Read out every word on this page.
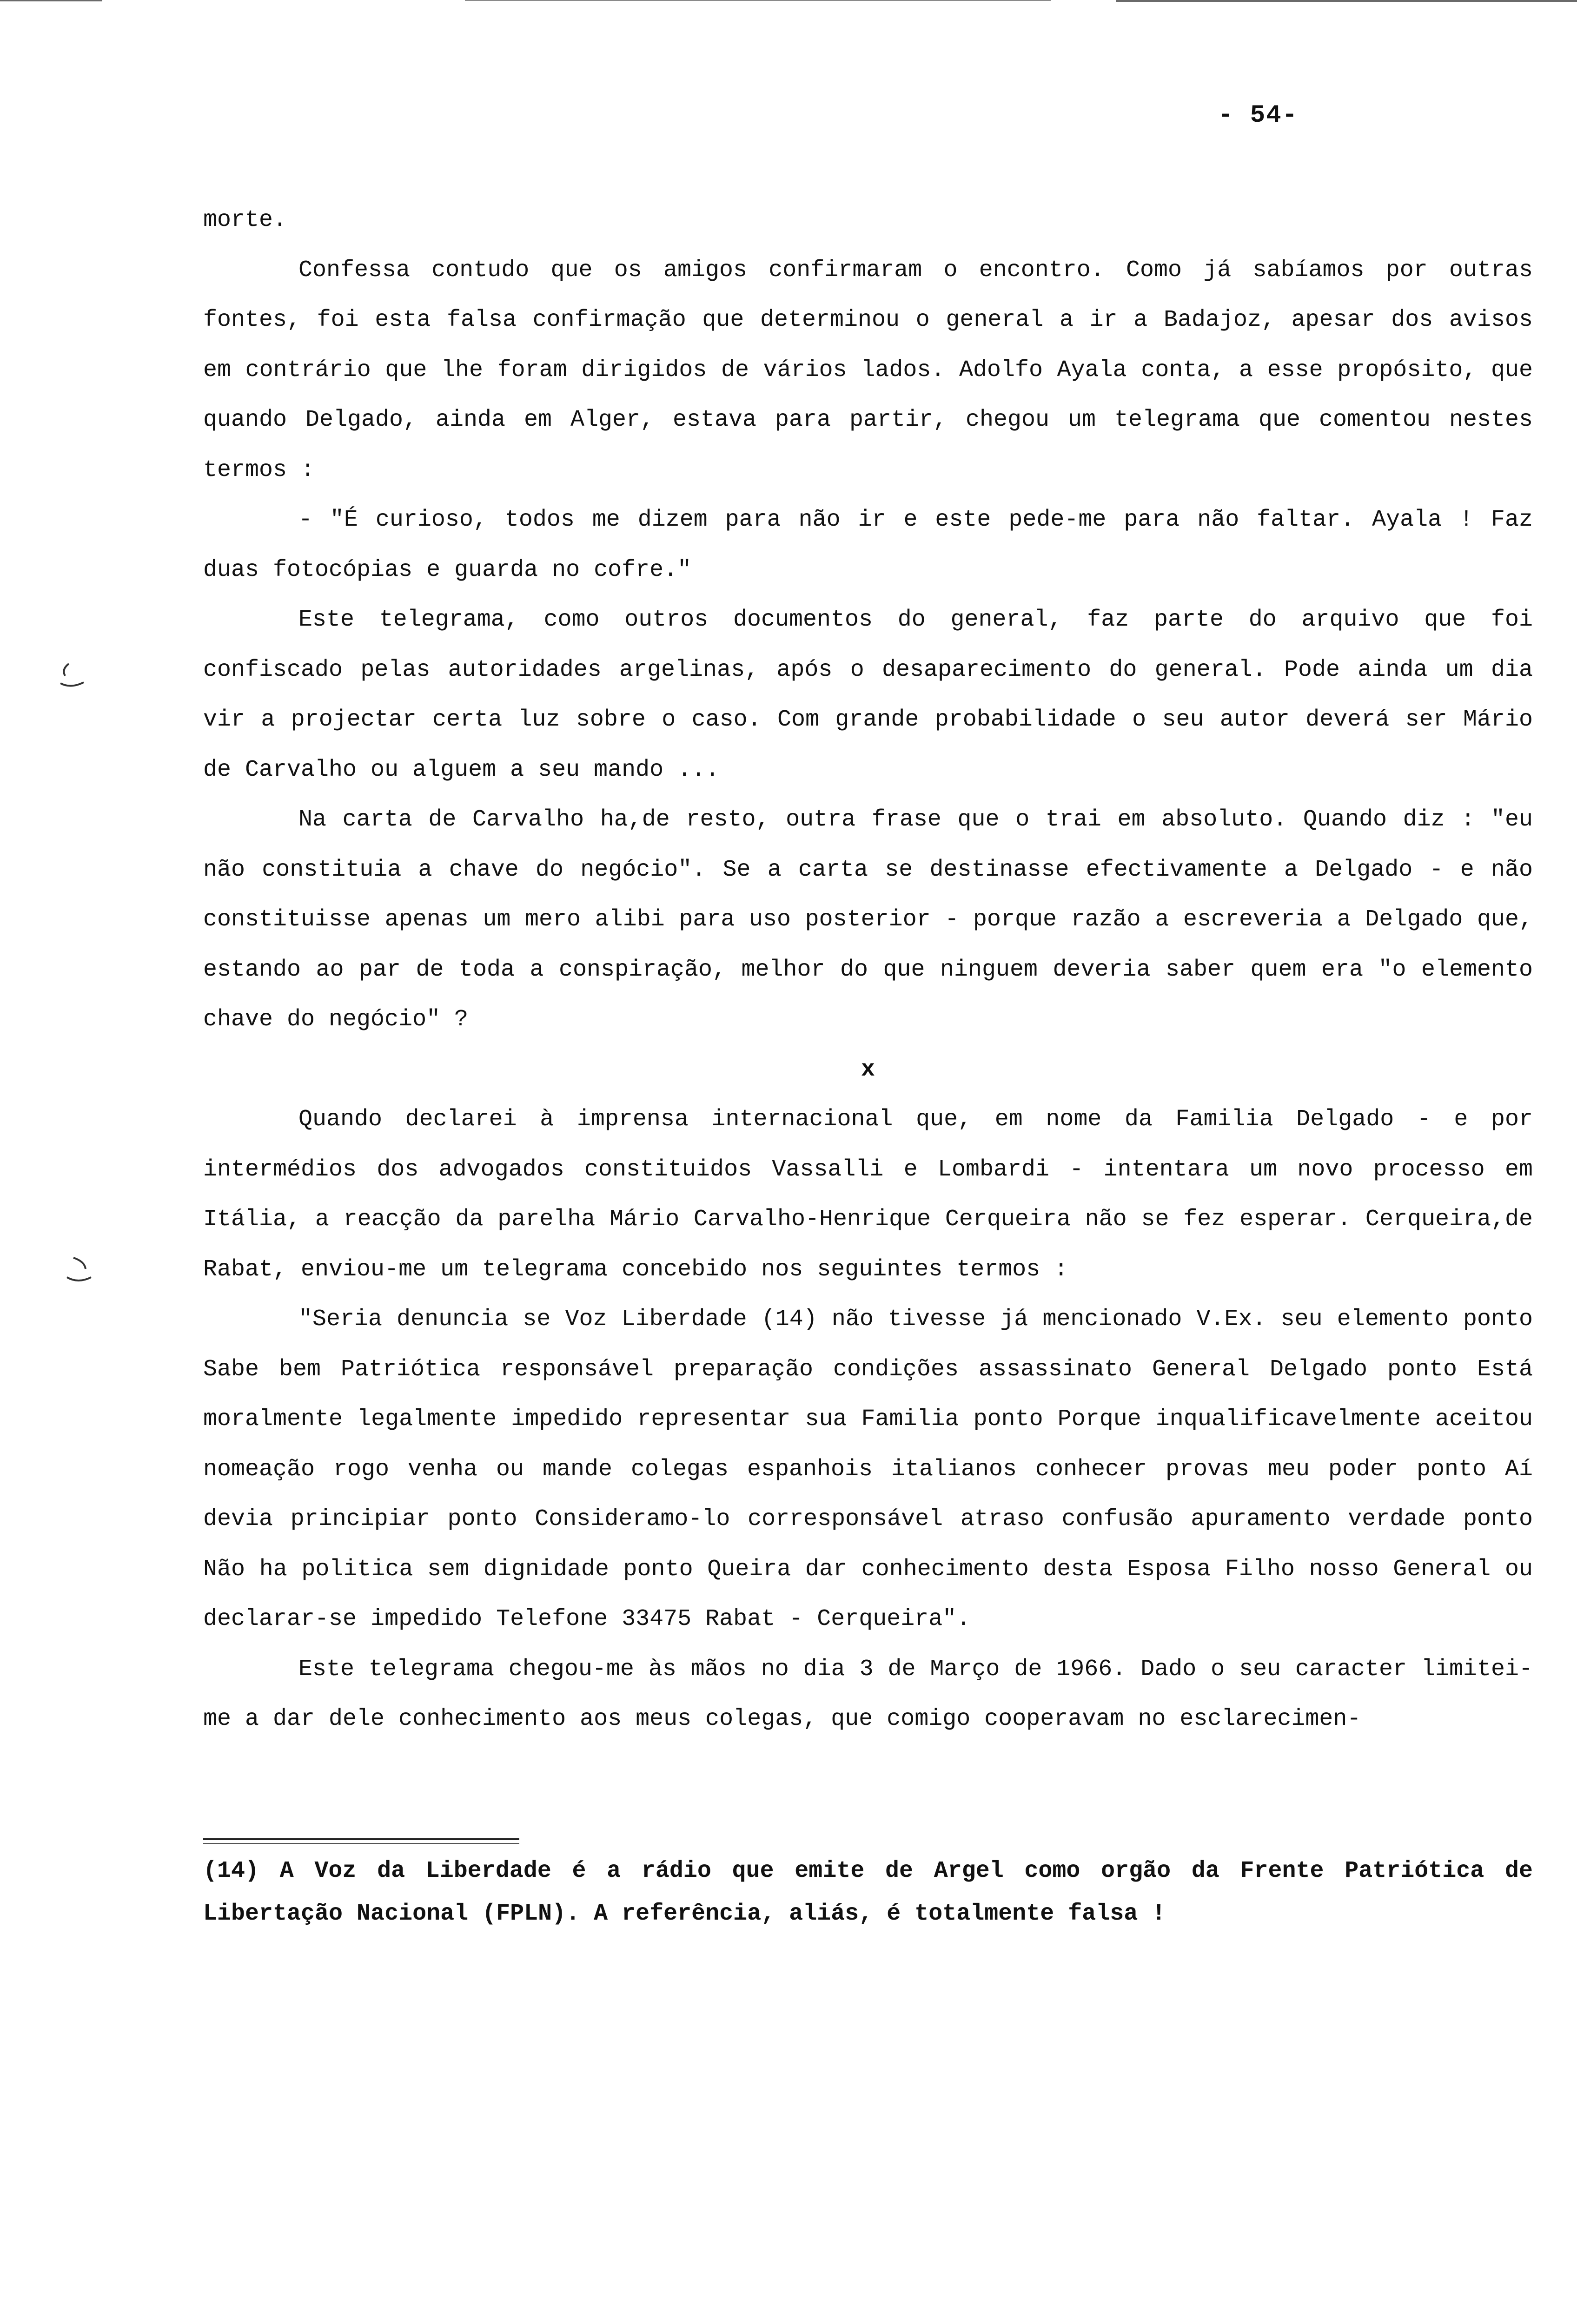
- 54-

morte.

Confessa contudo que os amigos confirmaram o encontro. Como já sabíamos por outras fontes, foi esta falsa confirmação que determinou o general a ir a Badajoz, apesar dos avisos em contrário que lhe foram dirigidos de vários lados. Adolfo Ayala conta, a esse propósito, que quando Delgado, ainda em Alger, estava para partir, chegou um telegrama que comentou nestes termos :

- "É curioso, todos me dizem para não ir e este pede-me para não faltar. Ayala ! Faz duas fotocópias e guarda no cofre."

Este telegrama, como outros documentos do general, faz parte do arquivo que foi confiscado pelas autoridades argelinas, após o desaparecimento do general. Pode ainda um dia vir a projectar certa luz sobre o caso. Com grande probabilidade o seu autor deverá ser Mário de Carvalho ou alguem a seu mando ...

Na carta de Carvalho ha,de resto, outra frase que o trai em absoluto. Quando diz : "eu não constituia a chave do negócio". Se a carta se destinasse efectivamente a Delgado - e não constituisse apenas um mero alibi para uso posterior - porque razão a escreveria a Delgado que, estando ao par de toda a conspiração, melhor do que ninguem deveria saber quem era "o elemento chave do negócio" ?

x

Quando declarei à imprensa internacional que, em nome da Familia Delgado - e por intermédios dos advogados constituidos Vassalli e Lombardi - intentara um novo processo em Itália, a reacção da parelha Mário Carvalho-Henrique Cerqueira não se fez esperar. Cerqueira,de Rabat, enviou-me um telegrama concebido nos seguintes termos :

"Seria denuncia se Voz Liberdade (14) não tivesse já mencionado V.Ex. seu elemento ponto Sabe bem Patriótica responsável preparação condições assassinato General Delgado ponto Está moralmente legalmente impedido representar sua Familia ponto Porque inqualificavelmente aceitou nomeação rogo venha ou mande colegas espanhois italianos conhecer provas meu poder ponto Aí devia principiar ponto Consideramo-lo corresponsável atraso confusão apuramento verdade ponto Não ha politica sem dignidade ponto Queira dar conhecimento desta Esposa Filho nosso General ou declarar-se impedido Telefone 33475 Rabat - Cerqueira".

Este telegrama chegou-me às mãos no dia 3 de Março de 1966. Dado o seu caracter limitei-me a dar dele conhecimento aos meus colegas, que comigo cooperavam no esclarecimen-

(14) A Voz da Liberdade é a rádio que emite de Argel como orgão da Frente Patriótica de Libertação Nacional (FPLN). A referência, aliás, é totalmente falsa !
